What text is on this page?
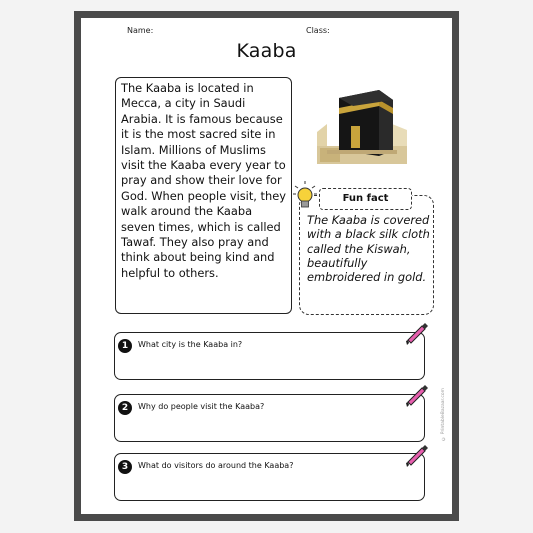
Name:	Class:
Kaaba
The Kaaba is located in Mecca, a city in Saudi Arabia. It is famous because it is the most sacred site in Islam. Millions of Muslims visit the Kaaba every year to pray and show their love for God. When people visit, they walk around the Kaaba seven times, which is called Tawaf. They also pray and think about being kind and helpful to others.
Fun fact
The Kaaba is covered with a black silk cloth called the Kiswah, beautifully embroidered in gold.
1	What city is the Kaaba in?
2	Why do people visit the Kaaba?
3	What do visitors do around the Kaaba?
© PrintableBazaar.com
